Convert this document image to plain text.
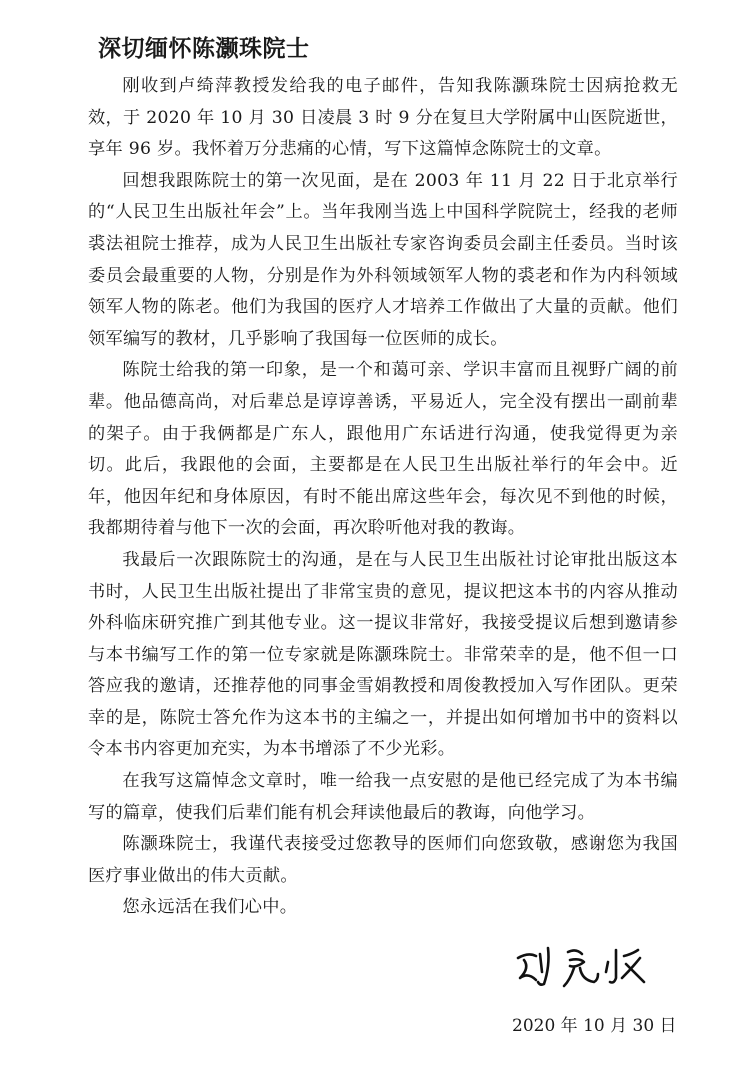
深切缅怀陈灏珠院士

刚收到卢绮萍教授发给我的电子邮件，告知我陈灏珠院士因病抢救无效，于 2020 年 10 月 30 日凌晨 3 时 9 分在复旦大学附属中山医院逝世，享年 96 岁。我怀着万分悲痛的心情，写下这篇悼念陈院士的文章。

回想我跟陈院士的第一次见面，是在 2003 年 11 月 22 日于北京举行的“人民卫生出版社年会”上。当年我刚当选上中国科学院院士，经我的老师裘法祖院士推荐，成为人民卫生出版社专家咨询委员会副主任委员。当时该委员会最重要的人物，分别是作为外科领域领军人物的裘老和作为内科领域领军人物的陈老。他们为我国的医疗人才培养工作做出了大量的贡献。他们领军编写的教材，几乎影响了我国每一位医师的成长。

陈院士给我的第一印象，是一个和蔼可亲、学识丰富而且视野广阔的前辈。他品德高尚，对后辈总是谆谆善诱，平易近人，完全没有摆出一副前辈的架子。由于我俩都是广东人，跟他用广东话进行沟通，使我觉得更为亲切。此后，我跟他的会面，主要都是在人民卫生出版社举行的年会中。近年，他因年纪和身体原因，有时不能出席这些年会，每次见不到他的时候，我都期待着与他下一次的会面，再次聆听他对我的教诲。

我最后一次跟陈院士的沟通，是在与人民卫生出版社讨论审批出版这本书时，人民卫生出版社提出了非常宝贵的意见，提议把这本书的内容从推动外科临床研究推广到其他专业。这一提议非常好，我接受提议后想到邀请参与本书编写工作的第一位专家就是陈灏珠院士。非常荣幸的是，他不但一口答应我的邀请，还推荐他的同事金雪娟教授和周俊教授加入写作团队。更荣幸的是，陈院士答允作为这本书的主编之一，并提出如何增加书中的资料以令本书内容更加充实，为本书增添了不少光彩。

在我写这篇悼念文章时，唯一给我一点安慰的是他已经完成了为本书编写的篇章，使我们后辈们能有机会拜读他最后的教诲，向他学习。

陈灏珠院士，我谨代表接受过您教导的医师们向您致敬，感谢您为我国医疗事业做出的伟大贡献。

您永远活在我们心中。

2020 年 10 月 30 日
